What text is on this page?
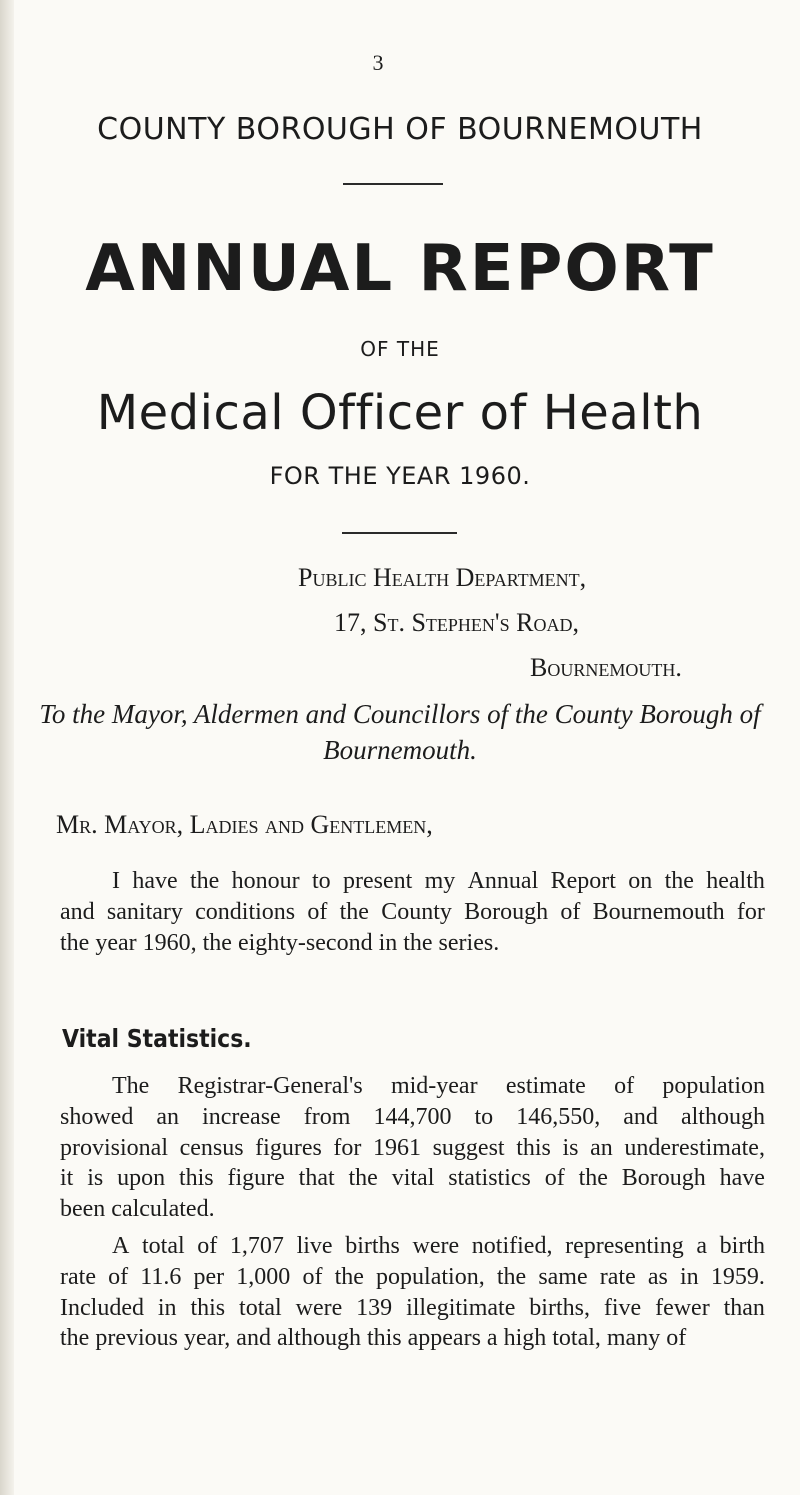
3
COUNTY BOROUGH OF BOURNEMOUTH
ANNUAL REPORT
OF THE
Medical Officer of Health
FOR THE YEAR 1960.
Public Health Department,
17, St. Stephen's Road,
Bournemouth.
To the Mayor, Aldermen and Councillors of the County Borough of
Bournemouth.
Mr. Mayor, Ladies and Gentlemen,
I have the honour to present my Annual Report on the health
and sanitary conditions of the County Borough of Bournemouth for
the year 1960, the eighty-second in the series.
Vital Statistics.
The Registrar-General's mid-year estimate of population
showed an increase from 144,700 to 146,550, and although
provisional census figures for 1961 suggest this is an underestimate,
it is upon this figure that the vital statistics of the Borough have
been calculated.
A total of 1,707 live births were notified, representing a birth
rate of 11.6 per 1,000 of the population, the same rate as in 1959.
Included in this total were 139 illegitimate births, five fewer than
the previous year, and although this appears a high total, many of
